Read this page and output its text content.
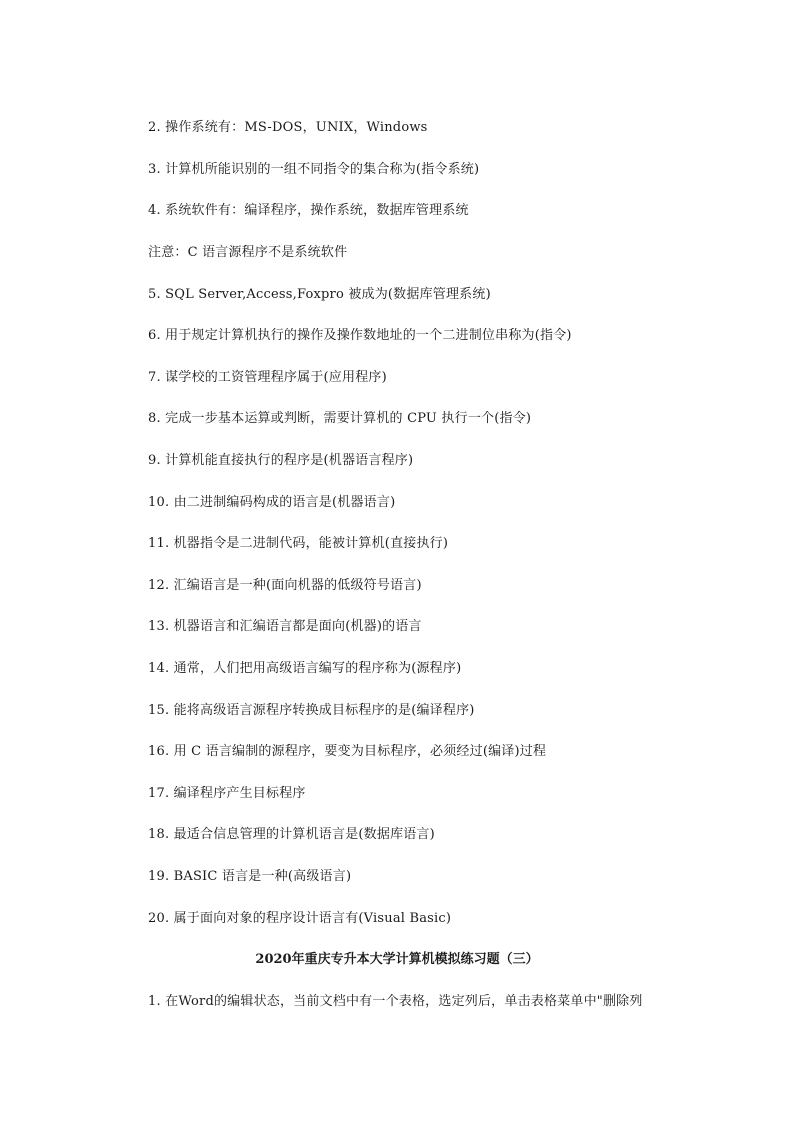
2. 操作系统有：MS-DOS，UNIX，Windows
3. 计算机所能识别的一组不同指令的集合称为(指令系统)
4. 系统软件有：编译程序，操作系统，数据库管理系统
注意：C 语言源程序不是系统软件
5. SQL Server,Access,Foxpro 被成为(数据库管理系统)
6. 用于规定计算机执行的操作及操作数地址的一个二进制位串称为(指令)
7. 谋学校的工资管理程序属于(应用程序)
8. 完成一步基本运算或判断，需要计算机的 CPU 执行一个(指令)
9. 计算机能直接执行的程序是(机器语言程序)
10. 由二进制编码构成的语言是(机器语言)
11. 机器指令是二进制代码，能被计算机(直接执行)
12. 汇编语言是一种(面向机器的低级符号语言)
13. 机器语言和汇编语言都是面向(机器)的语言
14. 通常，人们把用高级语言编写的程序称为(源程序)
15. 能将高级语言源程序转换成目标程序的是(编译程序)
16. 用 C 语言编制的源程序，要变为目标程序，必须经过(编译)过程
17. 编译程序产生目标程序
18. 最适合信息管理的计算机语言是(数据库语言)
19. BASIC 语言是一种(高级语言)
20. 属于面向对象的程序设计语言有(Visual Basic)
2020年重庆专升本大学计算机模拟练习题（三）
1. 在Word的编辑状态，当前文档中有一个表格，选定列后，单击表格菜单中"删除列
